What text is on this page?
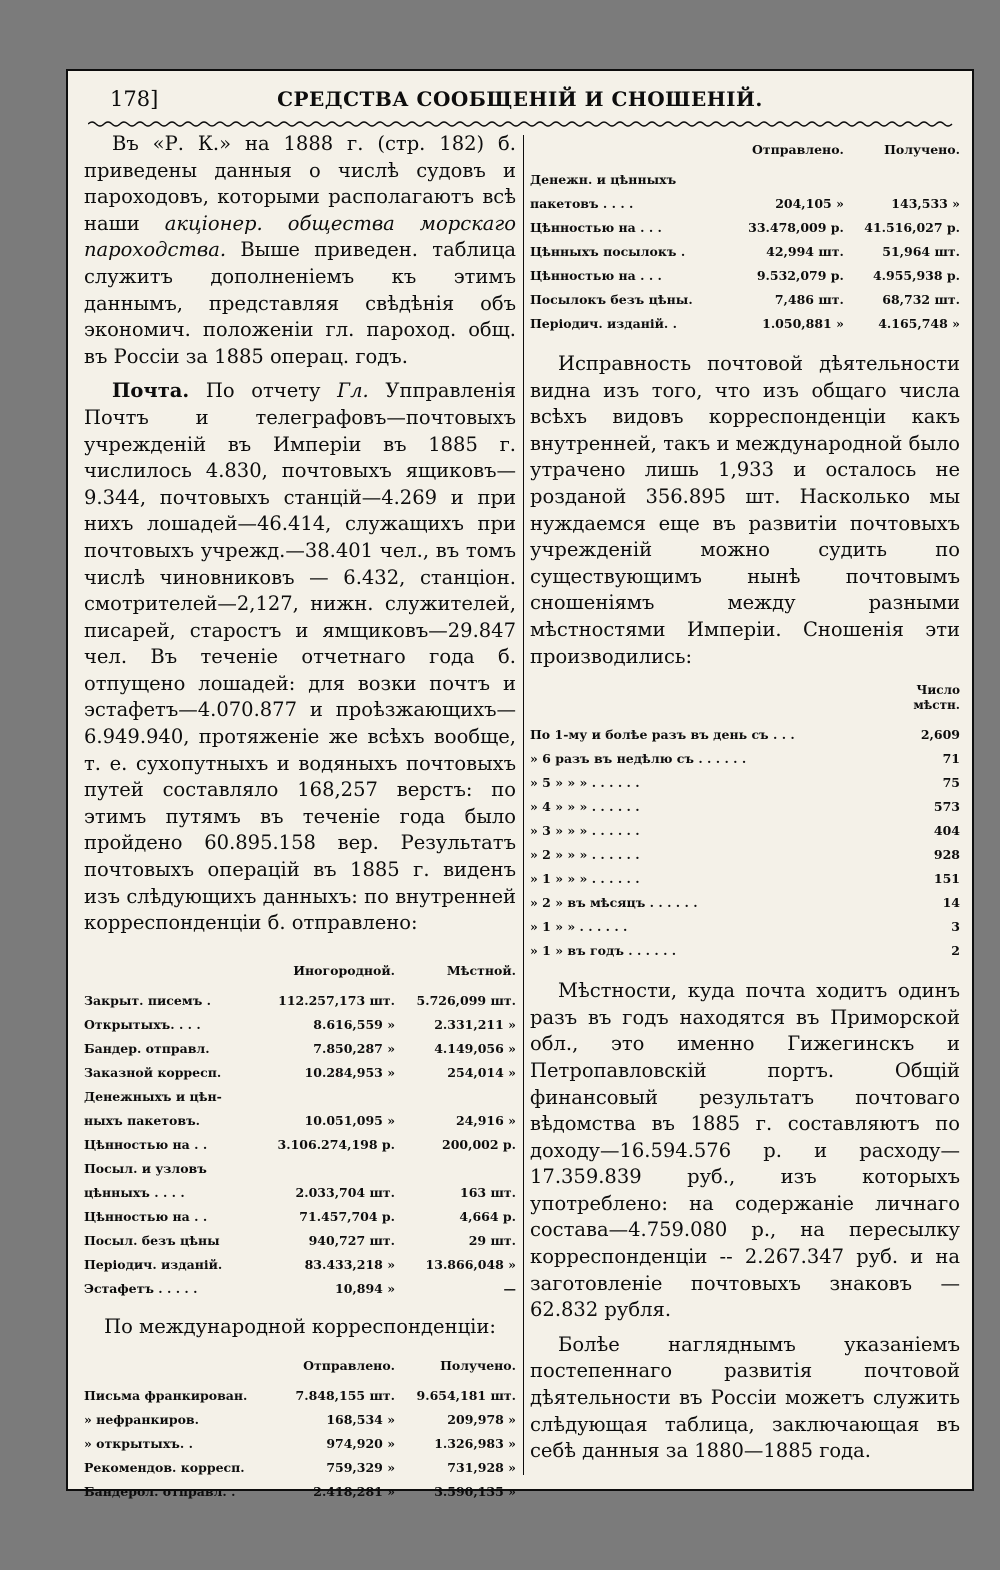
178]	СРЕДСТВА СООБЩЕНІЙ И СНОШЕНІЙ.

Въ «Р. К.» на 1888 г. (стр. 182) б. приведены данныя о числѣ судовъ и пароходовъ, которыми располагаютъ всѣ наши акціонер. общества морскаго пароходства. Выше приведен. таблица служитъ дополненіемъ къ этимъ даннымъ, представляя свѣдѣнія объ экономич. положеніи гл. пароход. общ. въ Россіи за 1885 операц. годъ.

Почта. По отчету Гл. Упправленія Почтъ и телеграфовъ—почтовыхъ учрежденій въ Имперіи въ 1885 г. числилось 4.830, почтовыхъ ящиковъ—9.344, почтовыхъ станцій—4.269 и при нихъ лошадей—46.414, служащихъ при почтовыхъ учрежд.—38.401 чел., въ томъ числѣ чиновниковъ — 6.432, станціон. смотрителей—2,127, нижн. служителей, писарей, старостъ и ямщиковъ—29.847 чел. Въ теченіе отчетнаго года б. отпущено лошадей: для возки почтъ и эстафетъ—4.070.877 и проѣзжающихъ—6.949.940, протяженіе же всѣхъ вообще, т. е. сухопутныхъ и водяныхъ почтовыхъ путей составляло 168,257 верстъ: по этимъ путямъ въ теченіе года было пройдено 60.895.158 вер. Результатъ почтовыхъ операцій въ 1885 г. виденъ изъ слѣдующихъ данныхъ: по внутренней корреспонденціи б. отправлено:

	Иногородной.	Мѣстной.
Закрыт. писемъ .	112.257,173 шт.	5.726,099 шт.
Открытыхъ. . . .	8.616,559 »	2.331,211 »
Бандер. отправл.	7.850,287 »	4.149,056 »
Заказной корресп.	10.284,953 »	254,014 »
Денежныхъ и цѣн-		
ныхъ пакетовъ.	10.051,095 »	24,916 »
Цѣнностью на . .	3.106.274,198 р.	200,002 р.
Посыл. и узловъ		
цѣнныхъ . . . .	2.033,704 шт.	163 шт.
Цѣнностью на . .	71.457,704 р.	4,664 р.
Посыл. безъ цѣны	940,727 шт.	29 шт.
Періодич. изданій.	83.433,218 »	13.866,048 »
Эстафетъ . . . . .	10,894 »	—
По международной корреспонденціи:
	Отправлено.	Получено.
Письма франкирован.	7.848,155 шт.	9.654,181 шт.
» нефранкиров.	168,534 »	209,978 »
» открытыхъ. .	974,920 »	1.326,983 »
Рекомендов. корресп.	759,329 »	731,928 »
Бандерол. отправл. .	2.418,281 »	3.590,135 »
	Отправлено.	Получено.
Денежн. и цѣнныхъ		
пакетовъ . . . .	204,105 »	143,533 »
Цѣнностью на . . .	33.478,009 р.	41.516,027 р.
Цѣнныхъ посылокъ .	42,994 шт.	51,964 шт.
Цѣнностью на . . .	9.532,079 р.	4.955,938 р.
Посылокъ безъ цѣны.	7,486 шт.	68,732 шт.
Періодич. изданій. .	1.050,881 »	4.165,748 »

Исправность почтовой дѣятельности видна изъ того, что изъ общаго числа всѣхъ видовъ корреспонденціи какъ внутренней, такъ и международной было утрачено лишь 1,933 и осталось не розданой 356.895 шт. Насколько мы нуждаемся еще въ развитіи почтовыхъ учрежденій можно судить по существующимъ нынѣ почтовымъ сношеніямъ между разными мѣстностями Имперіи. Сношенія эти производились:

	Число мѣстн.
По 1-му и болѣе разъ въ день съ . . .	2,609
» 6 разъ въ недѣлю съ . . . . . .	71
» 5 » » » . . . . . .	75
» 4 » » » . . . . . .	573
» 3 » » » . . . . . .	404
» 2 » » » . . . . . .	928
» 1 » » » . . . . . .	151
» 2 » въ мѣсяцъ . . . . . .	14
» 1 » » . . . . . .	3
» 1 » въ годъ . . . . . .	2

Мѣстности, куда почта ходитъ одинъ разъ въ годъ находятся въ Приморской обл., это именно Гижегинскъ и Петропавловскій портъ. Общій финансовый результатъ почтоваго вѣдомства въ 1885 г. составляютъ по доходу—16.594.576 р. и расходу—17.359.839 руб., изъ которыхъ употреблено: на содержаніе личнаго состава—4.759.080 р., на пересылку корреспонденціи -- 2.267.347 руб. и на заготовленіе почтовыхъ знаковъ — 62.832 рубля.

Болѣе нагляднымъ указаніемъ постепеннаго развитія почтовой дѣятельности въ Россіи можетъ служить слѣдующая таблица, заключающая въ себѣ данныя за 1880—1885 года.
